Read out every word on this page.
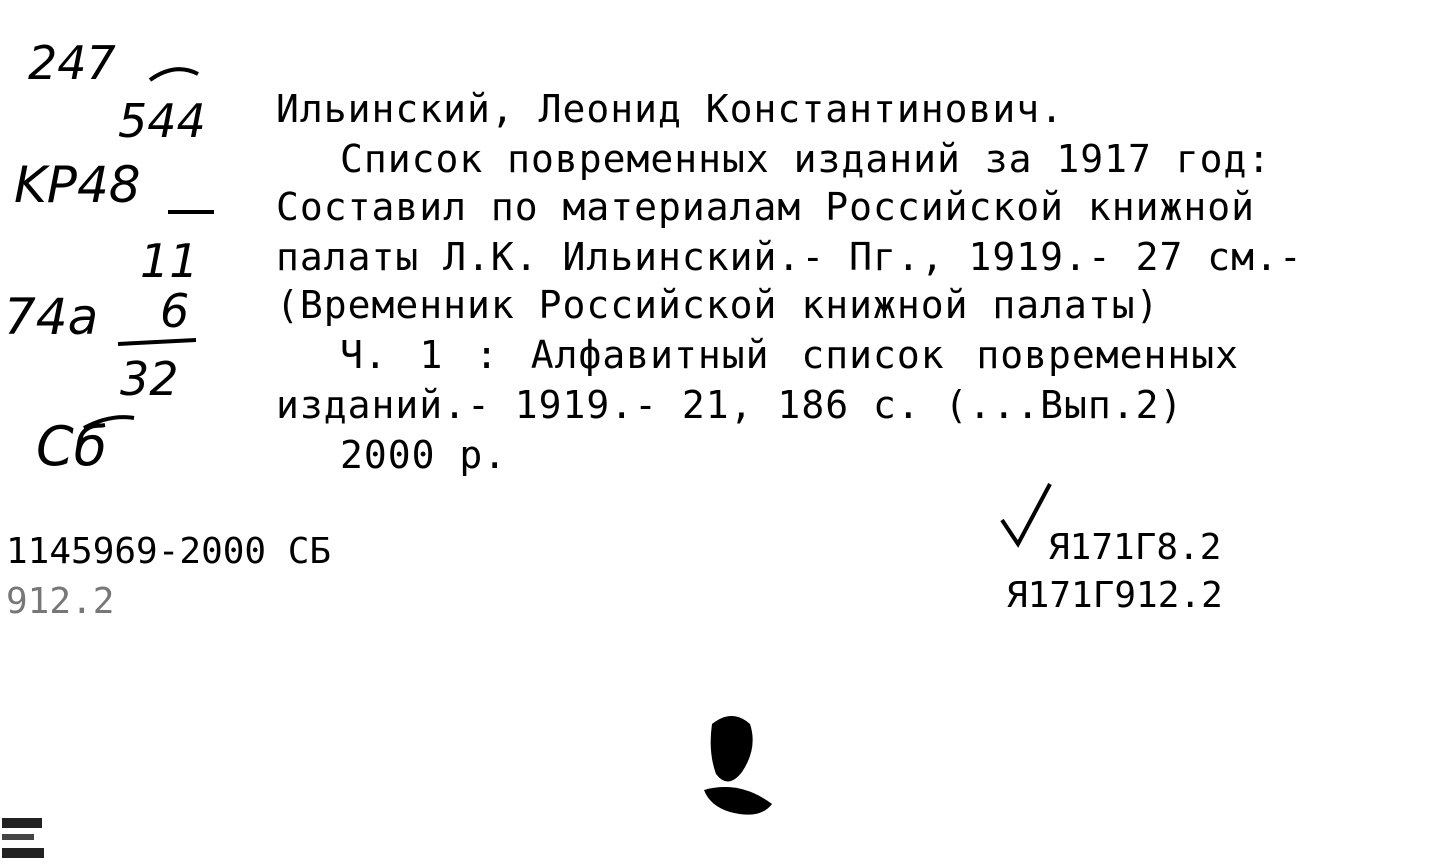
247
544
KP48
11
74a 6
32
Сб
Ильинский, Леонид Константинович.
Список повременных изданий за 1917 год:
Составил по материалам Российской книжной
палаты Л.К. Ильинский.- Пг., 1919.- 27 см.-
(Временник Российской книжной палаты)
Ч. 1 : Алфавитный список повременных
изданий.- 1919.- 21, 186 с. (...Вып.2)
2000 р.
1145969-2000 СБ
912.2
Я171Г8.2
Я171Г912.2
